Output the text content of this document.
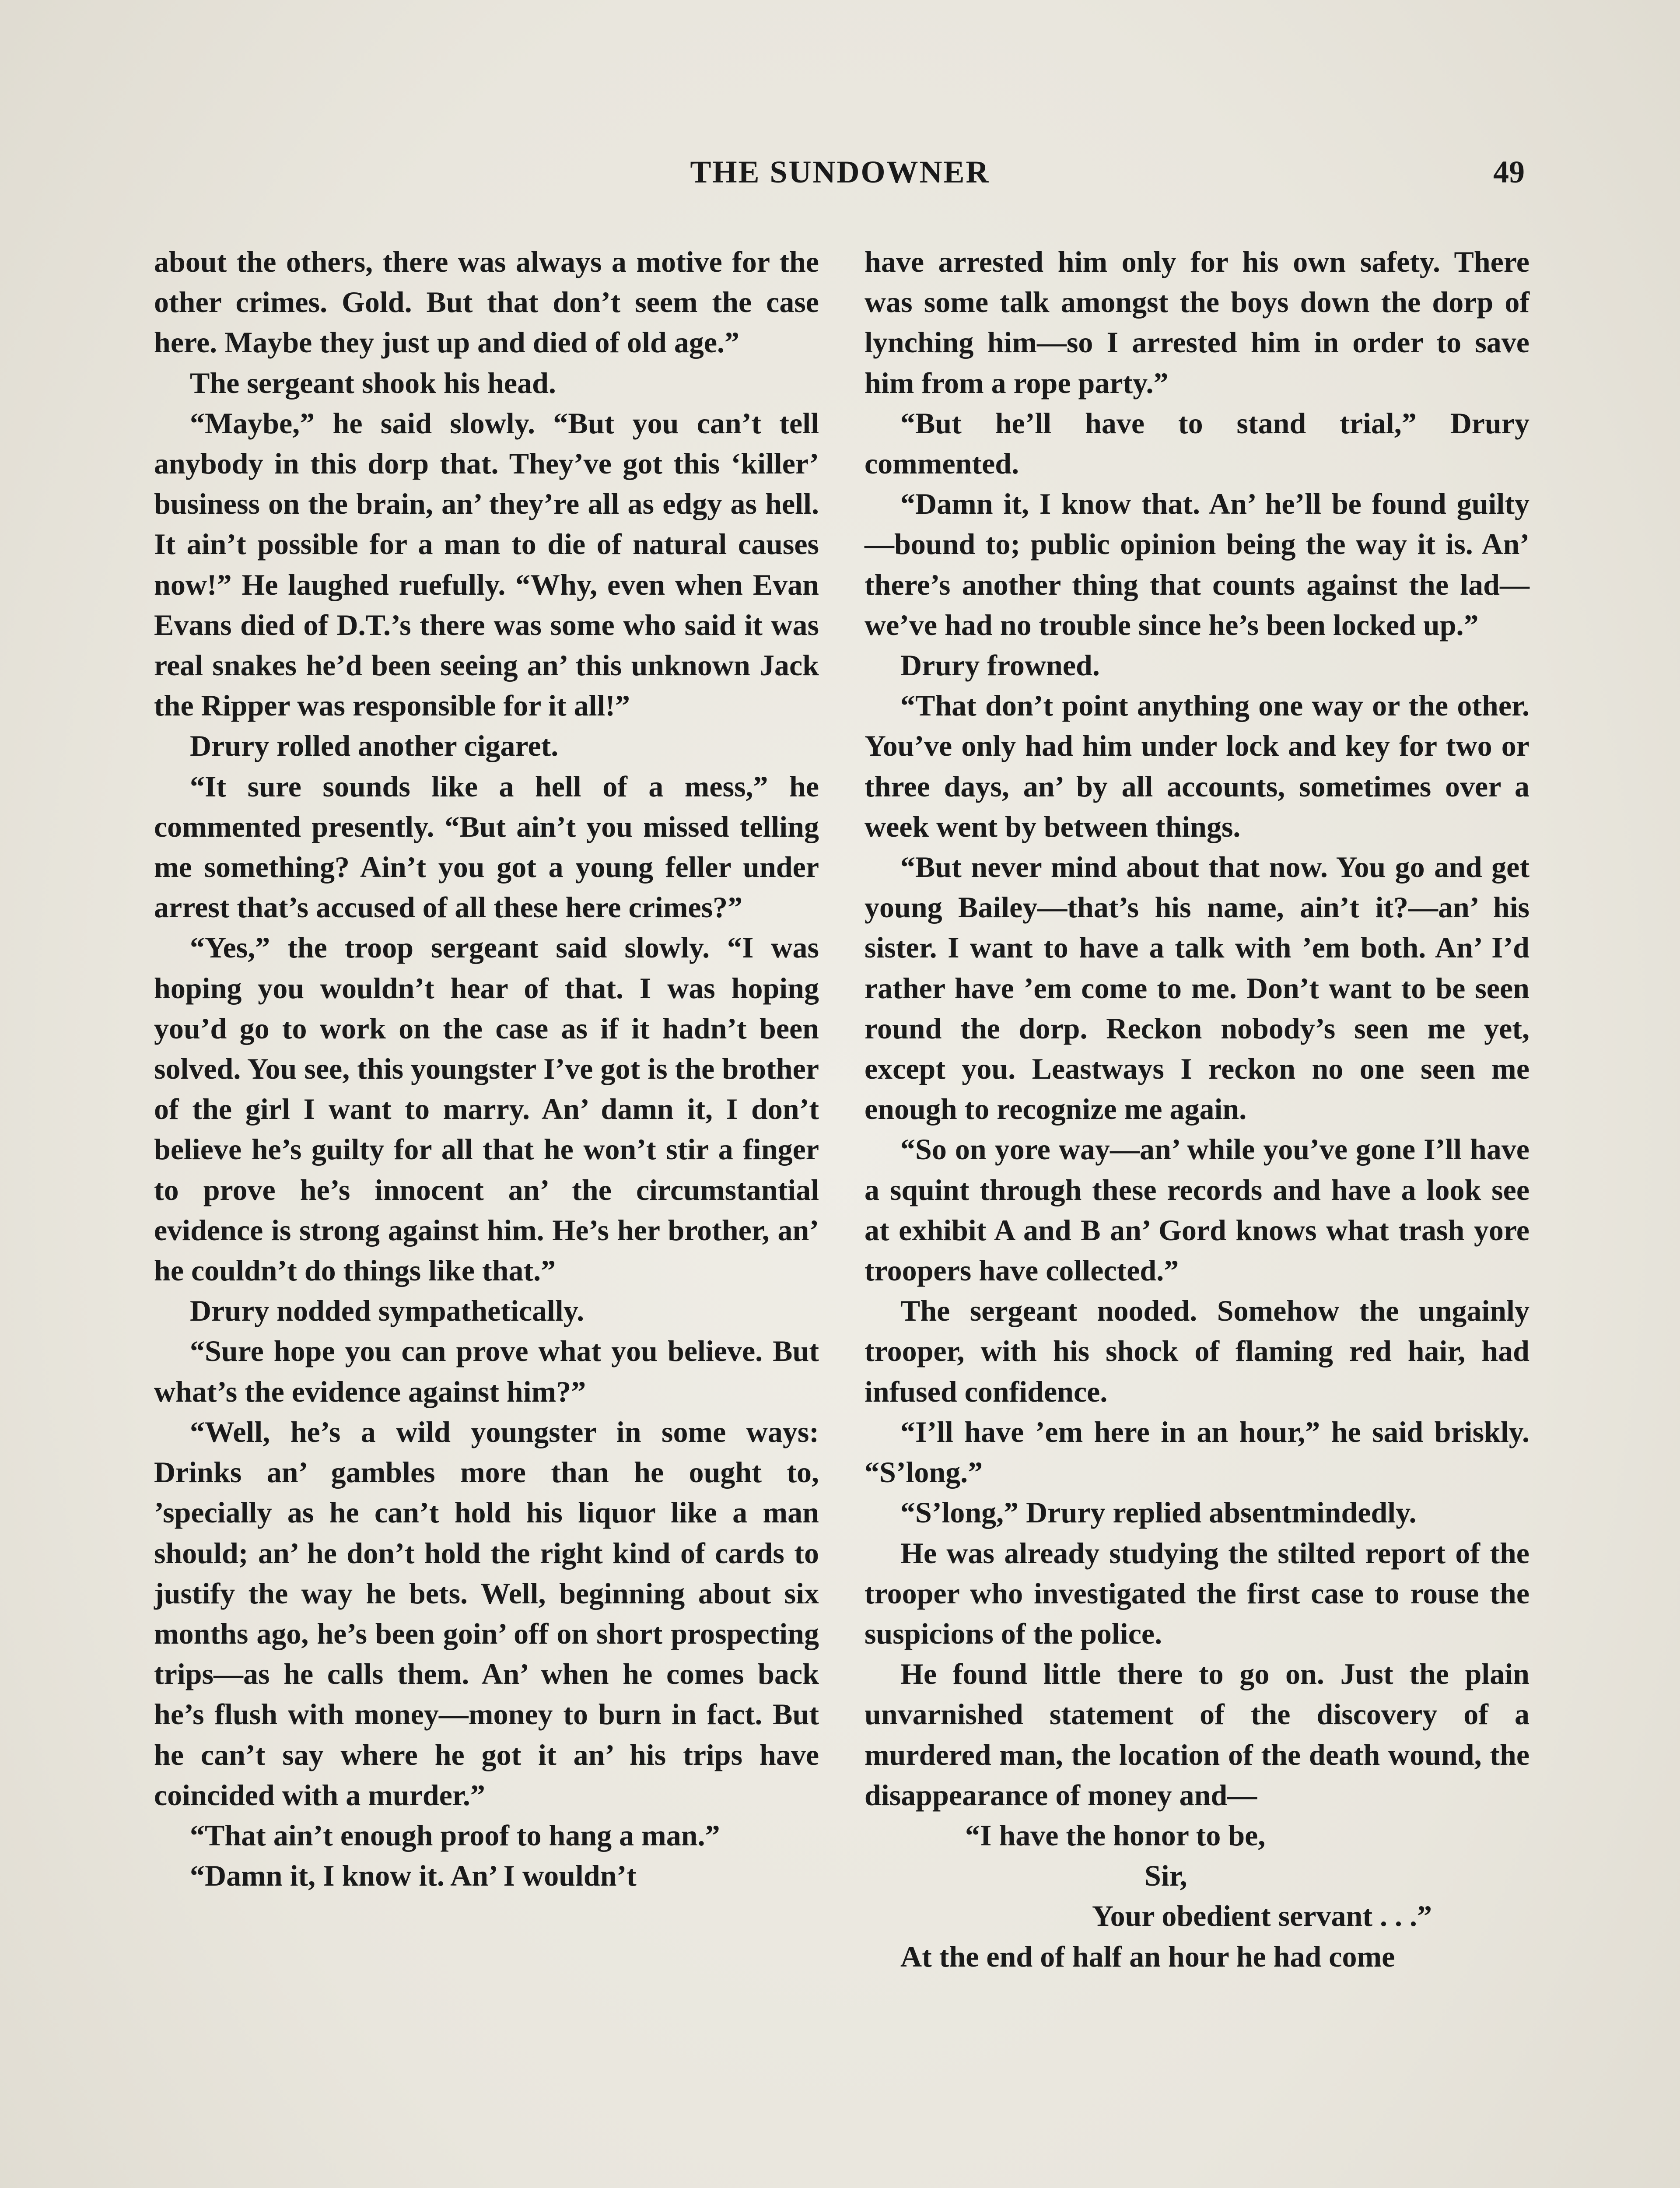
THE SUNDOWNER	49

about the others, there was always a motive for the other crimes. Gold. But that don’t seem the case here. Maybe they just up and died of old age.”

The sergeant shook his head.

“Maybe,” he said slowly. “But you can’t tell anybody in this dorp that. They’ve got this ‘killer’ business on the brain, an’ they’re all as edgy as hell. It ain’t possible for a man to die of natural causes now!” He laughed ruefully. “Why, even when Evan Evans died of D.T.’s there was some who said it was real snakes he’d been seeing an’ this unknown Jack the Ripper was responsible for it all!”

Drury rolled another cigaret.

“It sure sounds like a hell of a mess,” he commented presently. “But ain’t you missed telling me something? Ain’t you got a young feller under arrest that’s accused of all these here crimes?”

“Yes,” the troop sergeant said slowly. “I was hoping you wouldn’t hear of that. I was hoping you’d go to work on the case as if it hadn’t been solved. You see, this youngster I’ve got is the brother of the girl I want to marry. An’ damn it, I don’t believe he’s guilty for all that he won’t stir a finger to prove he’s innocent an’ the circumstantial evidence is strong against him. He’s her brother, an’ he couldn’t do things like that.”

Drury nodded sympathetically.

“Sure hope you can prove what you believe. But what’s the evidence against him?”

“Well, he’s a wild youngster in some ways: Drinks an’ gambles more than he ought to, ’specially as he can’t hold his liquor like a man should; an’ he don’t hold the right kind of cards to justify the way he bets. Well, beginning about six months ago, he’s been goin’ off on short prospecting trips—as he calls them. An’ when he comes back he’s flush with money—money to burn in fact. But he can’t say where he got it an’ his trips have coincided with a murder.”

“That ain’t enough proof to hang a man.”

“Damn it, I know it. An’ I wouldn’t

have arrested him only for his own safety. There was some talk amongst the boys down the dorp of lynching him—so I arrested him in order to save him from a rope party.”

“But he’ll have to stand trial,” Drury commented.

“Damn it, I know that. An’ he’ll be found guilty—bound to; public opinion being the way it is. An’ there’s another thing that counts against the lad—we’ve had no trouble since he’s been locked up.”

Drury frowned.

“That don’t point anything one way or the other. You’ve only had him under lock and key for two or three days, an’ by all accounts, sometimes over a week went by between things.

“But never mind about that now. You go and get young Bailey—that’s his name, ain’t it?—an’ his sister. I want to have a talk with ’em both. An’ I’d rather have ’em come to me. Don’t want to be seen round the dorp. Reckon nobody’s seen me yet, except you. Leastways I reckon no one seen me enough to recognize me again.

“So on yore way—an’ while you’ve gone I’ll have a squint through these records and have a look see at exhibit A and B an’ Gord knows what trash yore troopers have collected.”

The sergeant nooded. Somehow the ungainly trooper, with his shock of flaming red hair, had infused confidence.

“I’ll have ’em here in an hour,” he said briskly. “S’long.”

“S’long,” Drury replied absentmindedly.

He was already studying the stilted report of the trooper who investigated the first case to rouse the suspicions of the police.

He found little there to go on. Just the plain unvarnished statement of the discovery of a murdered man, the location of the death wound, the disappearance of money and—

“I have the honor to be,

Sir,

Your obedient servant . . .”

At the end of half an hour he had come
